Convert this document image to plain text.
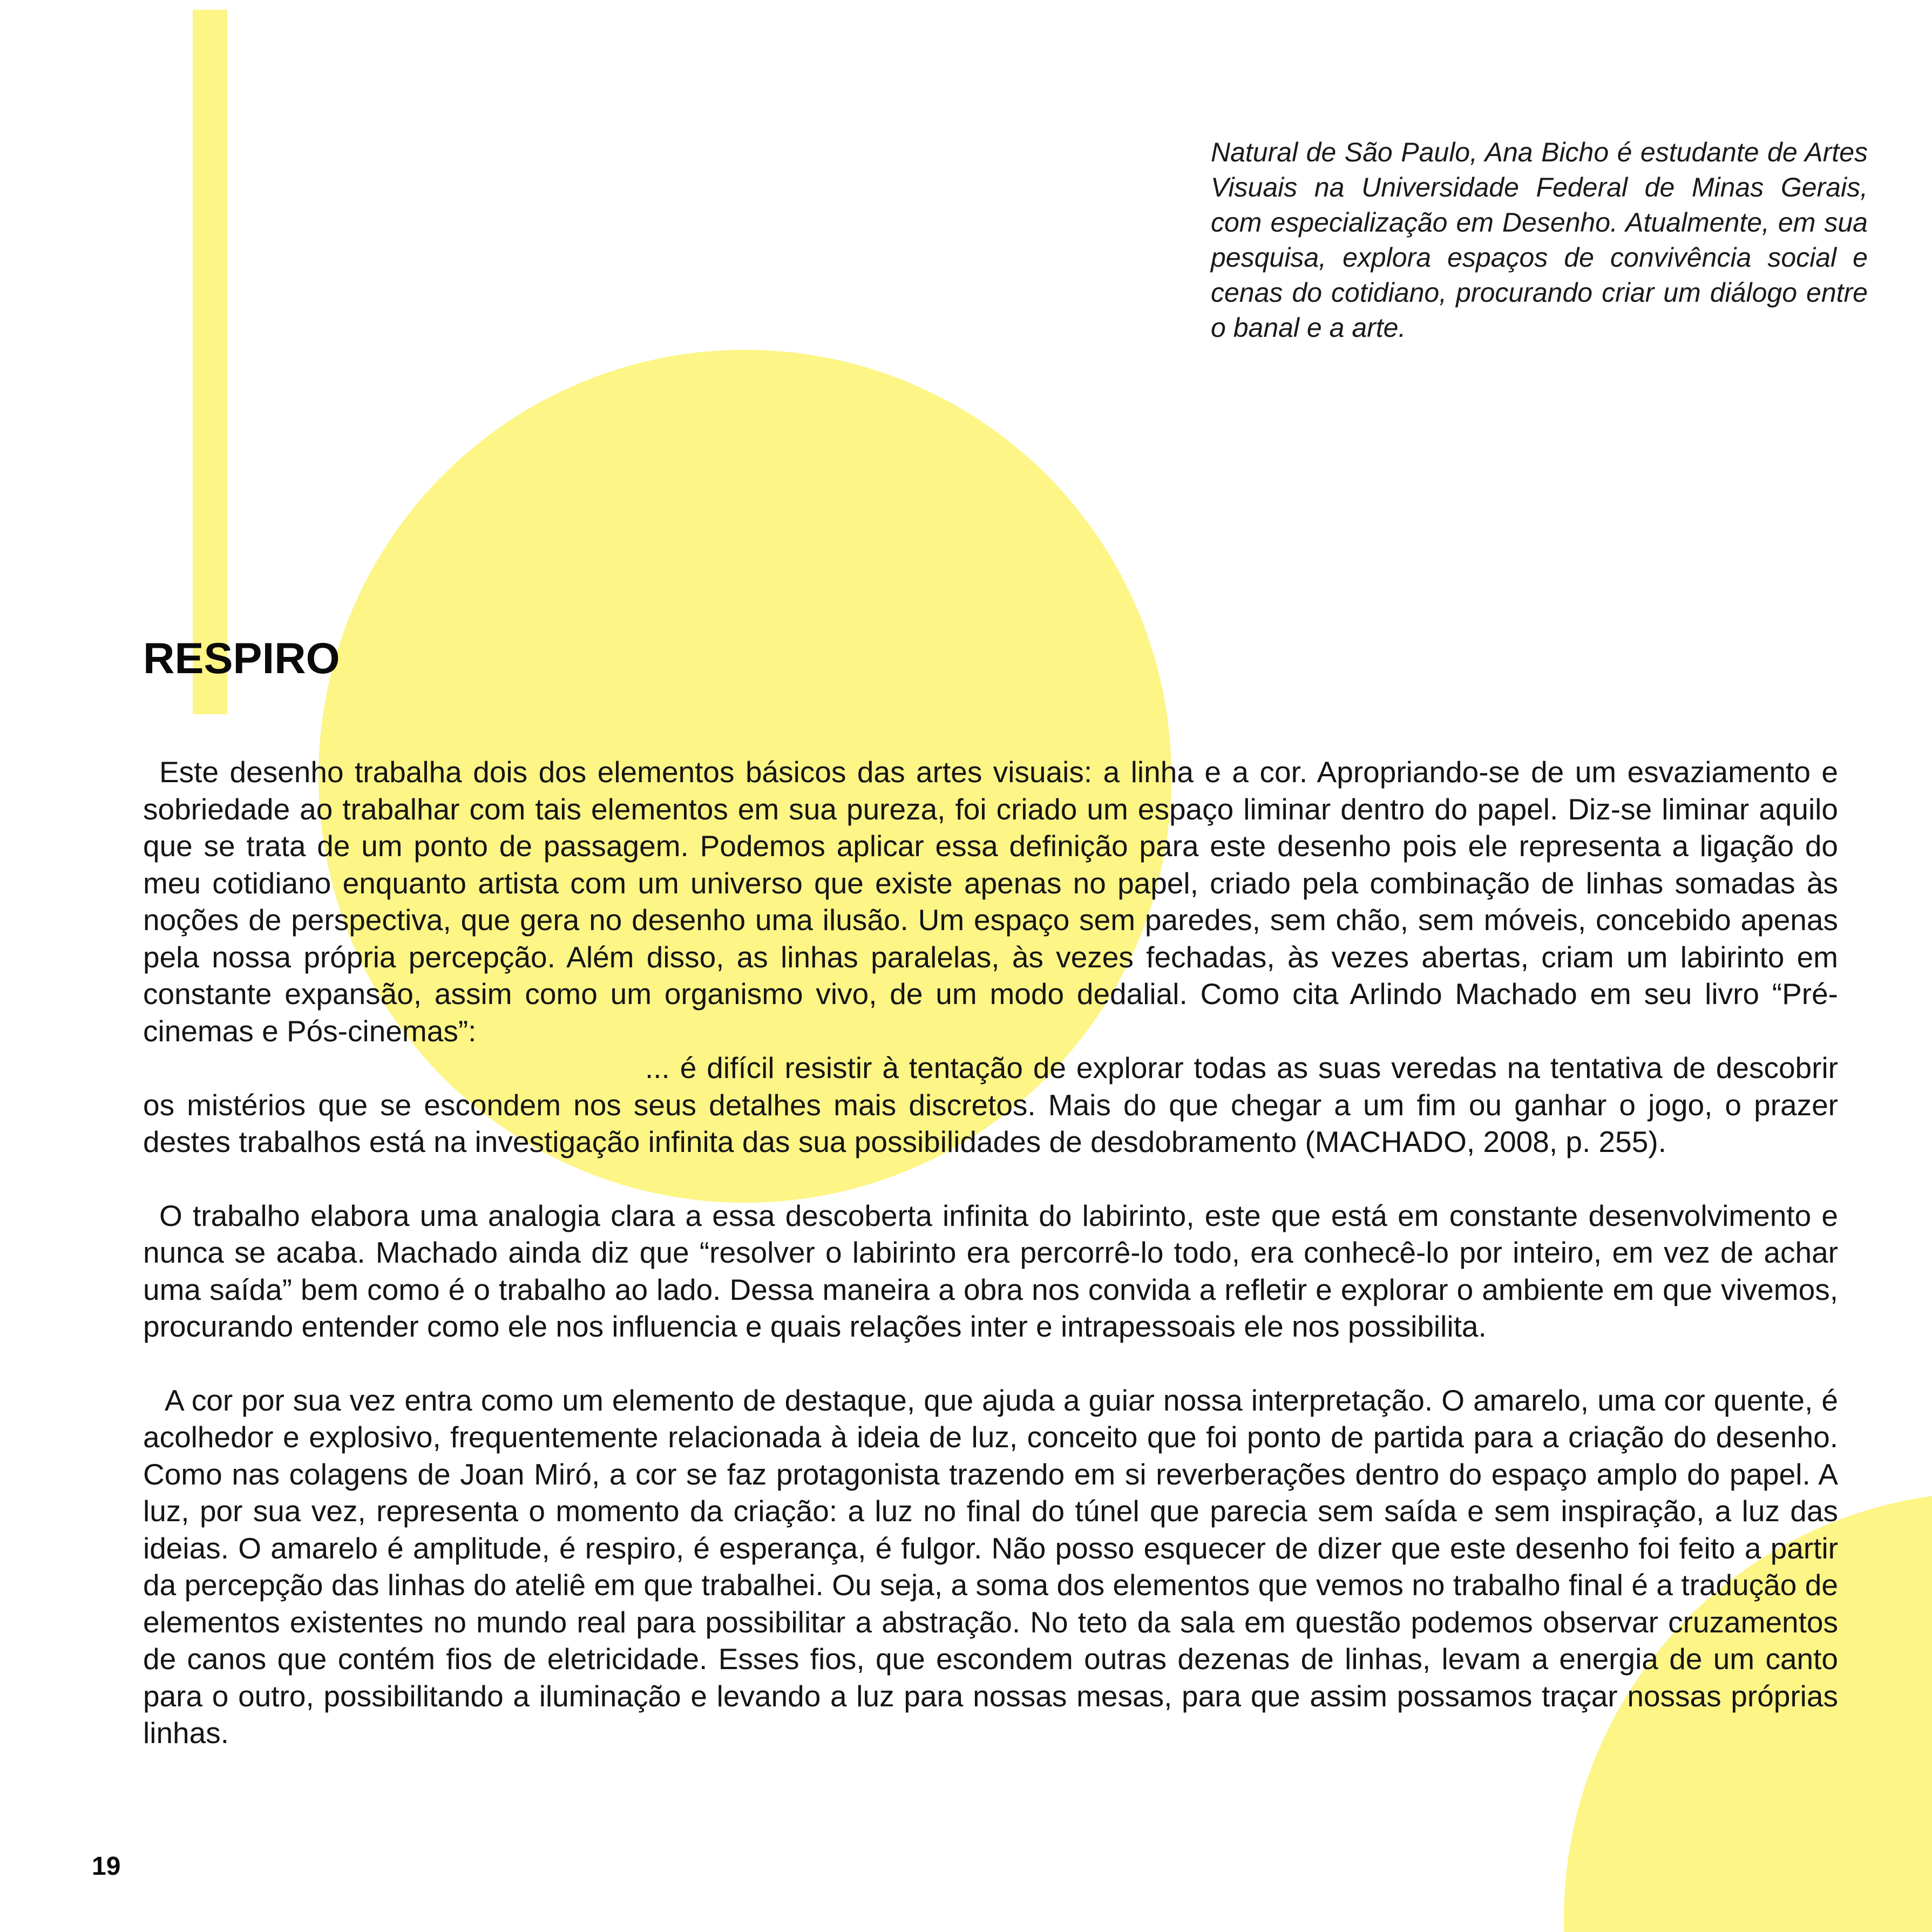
Natural de São Paulo, Ana Bicho é estudante de Artes Visuais na Universidade Federal de Minas Gerais, com especialização em Desenho. Atualmente, em sua pesquisa, explora espaços de convivência social e cenas do cotidiano, procurando criar um diálogo entre o banal e a arte.

RESPIRO

Este desenho trabalha dois dos elementos básicos das artes visuais: a linha e a cor. Apropriando-se de um esvaziamento e sobriedade ao trabalhar com tais elementos em sua pureza, foi criado um espaço liminar dentro do papel. Diz-se liminar aquilo que se trata de um ponto de passagem. Podemos aplicar essa definição para este desenho pois ele representa a ligação do meu cotidiano enquanto artista com um universo que existe apenas no papel, criado pela combinação de linhas somadas às noções de perspectiva, que gera no desenho uma ilusão. Um espaço sem paredes, sem chão, sem móveis, concebido apenas pela nossa própria percepção. Além disso, as linhas paralelas, às vezes fechadas, às vezes abertas, criam um labirinto em constante expansão, assim como um organismo vivo, de um modo dedalial. Como cita Arlindo Machado em seu livro “Pré-cinemas e Pós-cinemas”:

... é difícil resistir à tentação de explorar todas as suas veredas na tentativa de descobrir os mistérios que se escondem nos seus detalhes mais discretos. Mais do que chegar a um fim ou ganhar o jogo, o prazer destes trabalhos está na investigação infinita das sua possibilidades de desdobramento (MACHADO, 2008, p. 255).

O trabalho elabora uma analogia clara a essa descoberta infinita do labirinto, este que está em constante desenvolvimento e nunca se acaba. Machado ainda diz que “resolver o labirinto era percorrê-lo todo, era conhecê-lo por inteiro, em vez de achar uma saída” bem como é o trabalho ao lado. Dessa maneira a obra nos convida a refletir e explorar o ambiente em que vivemos, procurando entender como ele nos influencia e quais relações inter e intrapessoais ele nos possibilita.

A cor por sua vez entra como um elemento de destaque, que ajuda a guiar nossa interpretação. O amarelo, uma cor quente, é acolhedor e explosivo, frequentemente relacionada à ideia de luz, conceito que foi ponto de partida para a criação do desenho. Como nas colagens de Joan Miró, a cor se faz protagonista trazendo em si reverberações dentro do espaço amplo do papel. A luz, por sua vez, representa o momento da criação: a luz no final do túnel que parecia sem saída e sem inspiração, a luz das ideias. O amarelo é amplitude, é respiro, é esperança, é fulgor. Não posso esquecer de dizer que este desenho foi feito a partir da percepção das linhas do ateliê em que trabalhei. Ou seja, a soma dos elementos que vemos no trabalho final é a tradução de elementos existentes no mundo real para possibilitar a abstração. No teto da sala em questão podemos observar cruzamentos de canos que contém fios de eletricidade. Esses fios, que escondem outras dezenas de linhas, levam a energia de um canto para o outro, possibilitando a iluminação e levando a luz para nossas mesas, para que assim possamos traçar nossas próprias linhas.

19
